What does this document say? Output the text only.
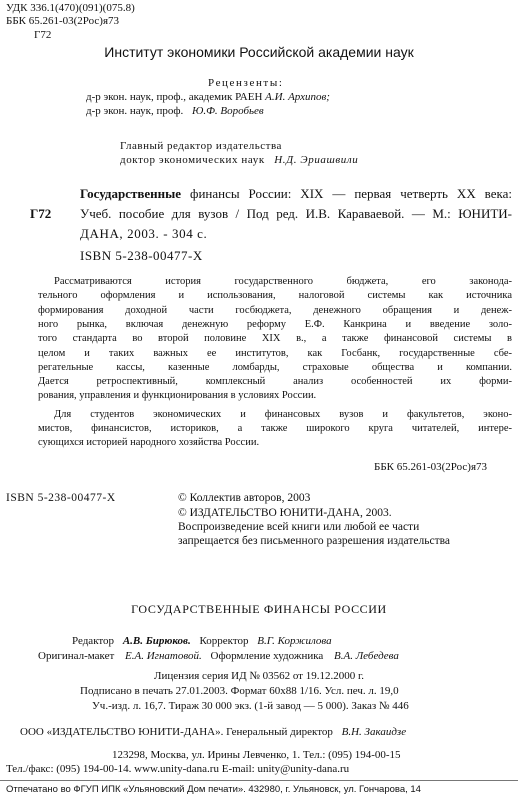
УДК 336.1(470)(091)(075.8)
ББК 65.261-03(2Рос)я73
Г72
Институт экономики Российской академии наук
Рецензенты:
д-р экон. наук, проф., академик РАЕН А.И. Архипов;
д-р экон. наук, проф. Ю.Ф. Воробьев
Главный редактор издательства
доктор экономических наук Н.Д. Эриашвили
Государственные финансы России: XIX — первая четверть XX века:
Г72 Учеб. пособие для вузов / Под ред. И.В. Караваевой. — М.: ЮНИТИ-
ДАНА, 2003. - 304 с.
ISBN 5-238-00477-X
Рассматриваются история государственного бюджета, его законода-
тельного оформления и использования, налоговой системы как источника
формирования доходной части госбюджета, денежного обращения и денеж-
ного рынка, включая денежную реформу Е.Ф. Канкрина и введение золо-
того стандарта во второй половине XIX в., а также финансовой системы в
целом и таких важных ее институтов, как Госбанк, государственные сбе-
регательные кассы, казенные ломбарды, страховые общества и компании.
Дается ретроспективный, комплексный анализ особенностей их форми-
рования, управления и функционирования в условиях России.
Для студентов экономических и финансовых вузов и факультетов, эконо-
мистов, финансистов, историков, а также широкого круга читателей, интере-
сующихся историей народного хозяйства России.
ББК 65.261-03(2Рос)я73
ISBN 5-238-00477-X	© Коллектив авторов, 2003
© ИЗДАТЕЛЬСТВО ЮНИТИ-ДАНА, 2003.
Воспроизведение всей книги или любой ее части
запрещается без письменного разрешения издательства
ГОСУДАРСТВЕННЫЕ ФИНАНСЫ РОССИИ
Редактор А.В. Бирюков. Корректор В.Г. Коржилова
Оригинал-макет Е.А. Игнатовой. Оформление художника В.А. Лебедева
Лицензия серия ИД № 03562 от 19.12.2000 г.
Подписано в печать 27.01.2003. Формат 60x88 1/16. Усл. печ. л. 19,0
Уч.-изд. л. 16,7. Тираж 30 000 экз. (1-й завод — 5 000). Заказ № 446
ООО «ИЗДАТЕЛЬСТВО ЮНИТИ-ДАНА». Генеральный директор В.Н. Закаидзе
123298, Москва, ул. Ирины Левченко, 1. Тел.: (095) 194-00-15
Тел./факс: (095) 194-00-14. www.unity-dana.ru E-mail: unity@unity-dana.ru
Отпечатано во ФГУП ИПК «Ульяновский Дом печати». 432980, г. Ульяновск, ул. Гончарова, 14
